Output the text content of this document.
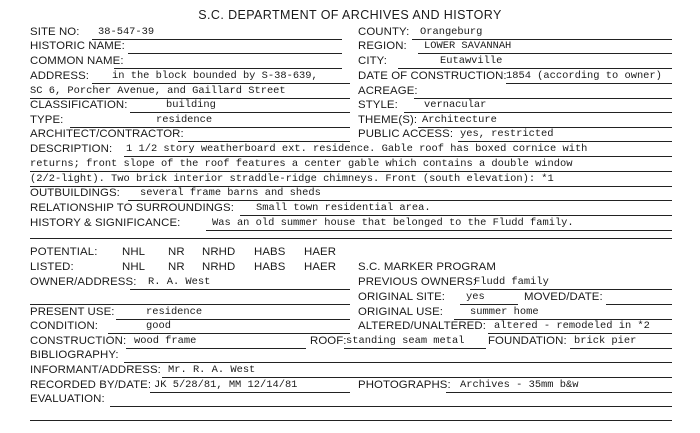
S.C. DEPARTMENT OF ARCHIVES AND HISTORY
SITE NO: 38-547-39	COUNTY: Orangeburg
HISTORIC NAME:	REGION: LOWER SAVANNAH
COMMON NAME:	CITY:	Eutawville
ADDRESS: in the block bounded by S-38-639,	DATE OF CONSTRUCTION: 1854 (according to owner)
SC 6, Porcher Avenue, and Gaillard Street	ACREAGE:
CLASSIFICATION:	building	STYLE:	vernacular
TYPE:	residence	THEME(S): Architecture
ARCHITECT/CONTRACTOR:	PUBLIC ACCESS: yes, restricted
DESCRIPTION: 1 1/2 story weatherboard ext. residence. Gable roof has boxed cornice with
returns; front slope of the roof features a center gable which contains a double window
(2/2-light). Two brick interior straddle-ridge chimneys. Front (south elevation): *1
OUTBUILDINGS: several frame barns and sheds
RELATIONSHIP TO SURROUNDINGS: Small town residential area.
HISTORY & SIGNIFICANCE:	Was an old summer house that belonged to the Fludd family.
POTENTIAL: NHL NR NRHD HABS HAER
LISTED:	NHL NR NRHD HABS HAER S.C. MARKER PROGRAM
OWNER/ADDRESS: R. A. West	PREVIOUS OWNERS:
Fludd family
ORIGINAL SITE: yes	MOVED/DATE:
PRESENT USE:	residence	ORIGINAL USE:	summer home
CONDITION:	good	ALTERED/UNALTERED: altered - remodeled in *2
CONSTRUCTION: wood frame	ROOF: standing seam metal FOUNDATION: brick pier
BIBLIOGRAPHY:
INFORMANT/ADDRESS: Mr. R. A. West
RECORDED BY/DATE: JK 5/28/81, MM 12/14/81	PHOTOGRAPHS: Archives - 35mm b&w
EVALUATION:
